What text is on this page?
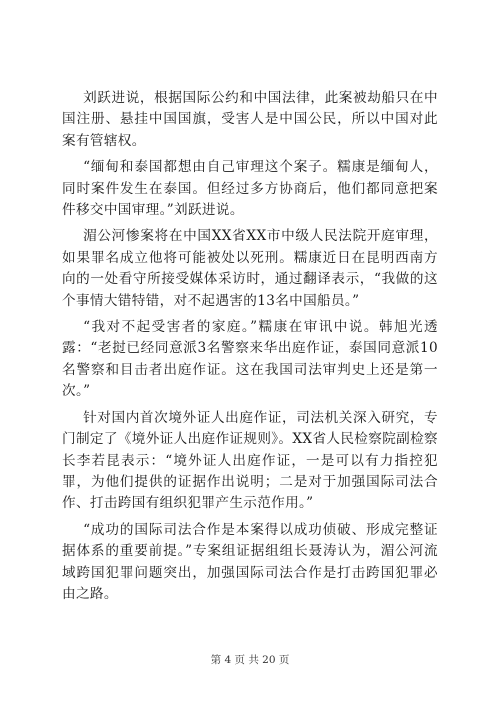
刘跃进说，根据国际公约和中国法律，此案被劫船只在中国注册、悬挂中国国旗，受害人是中国公民，所以中国对此案有管辖权。

“缅甸和泰国都想由自己审理这个案子。糯康是缅甸人，同时案件发生在泰国。但经过多方协商后，他们都同意把案件移交中国审理。”刘跃进说。

湄公河惨案将在中国XX省XX市中级人民法院开庭审理，如果罪名成立他将可能被处以死刑。糯康近日在昆明西南方向的一处看守所接受媒体采访时，通过翻译表示，“我做的这个事情大错特错，对不起遇害的13名中国船员。”

“我对不起受害者的家庭。”糯康在审讯中说。韩旭光透露：“老挝已经同意派3名警察来华出庭作证，泰国同意派10名警察和目击者出庭作证。这在我国司法审判史上还是第一次。”

针对国内首次境外证人出庭作证，司法机关深入研究，专门制定了《境外证人出庭作证规则》。XX省人民检察院副检察长李若昆表示：“境外证人出庭作证，一是可以有力指控犯罪，为他们提供的证据作出说明；二是对于加强国际司法合作、打击跨国有组织犯罪产生示范作用。”

“成功的国际司法合作是本案得以成功侦破、形成完整证据体系的重要前提。”专案组证据组组长聂涛认为，湄公河流域跨国犯罪问题突出，加强国际司法合作是打击跨国犯罪必由之路。

第 4 页 共 20 页
